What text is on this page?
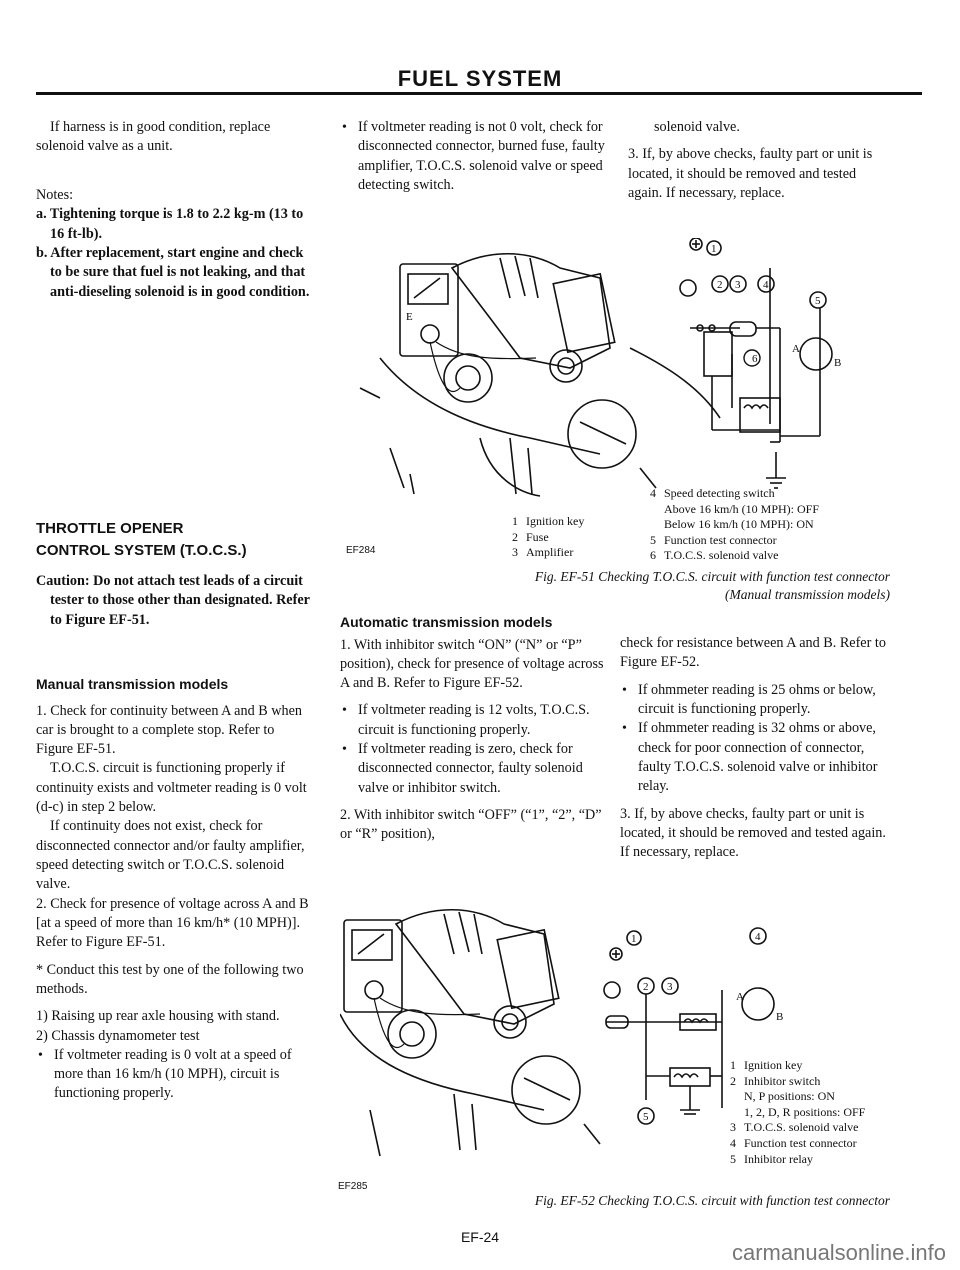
FUEL SYSTEM

If harness is in good condition, replace solenoid valve as a unit.

Notes:

a. Tightening torque is 1.8 to 2.2 kg-m (13 to 16 ft-lb).

b. After replacement, start engine and check to be sure that fuel is not leaking, and that anti-dieseling solenoid is in good condition.

THROTTLE OPENER
CONTROL SYSTEM (T.O.C.S.)

Caution: Do not attach test leads of a circuit tester to those other than designated. Refer to Figure EF-51.

Manual transmission models

1. Check for continuity between A and B when car is brought to a complete stop. Refer to Figure EF-51.

T.O.C.S. circuit is functioning properly if continuity exists and voltmeter reading is 0 volt (d-c) in step 2 below.

If continuity does not exist, check for disconnected connector and/or faulty amplifier, speed detecting switch or T.O.C.S. solenoid valve.

2. Check for presence of voltage across A and B [at a speed of more than 16 km/h* (10 MPH)]. Refer to Figure EF-51.

* Conduct this test by one of the following two methods.

1) Raising up rear axle housing with stand.

2) Chassis dynamometer test

• If voltmeter reading is 0 volt at a speed of more than 16 km/h (10 MPH), circuit is functioning properly.

• If voltmeter reading is not 0 volt, check for disconnected connector, burned fuse, faulty amplifier, T.O.C.S. solenoid valve or speed detecting switch.

solenoid valve.

3. If, by above checks, faulty part or unit is located, it should be removed and tested again. If necessary, replace.

E
1
2 3 4
5
6
A
B
EF284
1 Ignition key
2 Fuse
3 Amplifier
4 Speed detecting switch
Above 16 km/h (10 MPH): OFF
Below 16 km/h (10 MPH): ON
5 Function test connector
6 T.O.C.S. solenoid valve
Fig. EF-51 Checking T.O.C.S. circuit with function test connector
(Manual transmission models)
Automatic transmission models

1. With inhibitor switch “ON” (“N” or “P” position), check for presence of voltage across A and B. Refer to Figure EF-52.

• If voltmeter reading is 12 volts, T.O.C.S. circuit is functioning properly.

• If voltmeter reading is zero, check for disconnected connector, faulty solenoid valve or inhibitor switch.

2. With inhibitor switch “OFF” (“1”, “2”, “D” or “R” position),

check for resistance between A and B. Refer to Figure EF-52.

• If ohmmeter reading is 25 ohms or below, circuit is functioning properly.

• If ohmmeter reading is 32 ohms or above, check for poor connection of connector, faulty T.O.C.S. solenoid valve or inhibitor relay.

3. If, by above checks, faulty part or unit is located, it should be removed and tested again. If necessary, replace.

1
2 3
4
5
A
B
EF285
1 Ignition key
2 Inhibitor switch
N, P positions: ON
1, 2, D, R positions: OFF
3 T.O.C.S. solenoid valve
4 Function test connector
5 Inhibitor relay
Fig. EF-52 Checking T.O.C.S. circuit with function test connector
EF-24
carmanualsonline.info
